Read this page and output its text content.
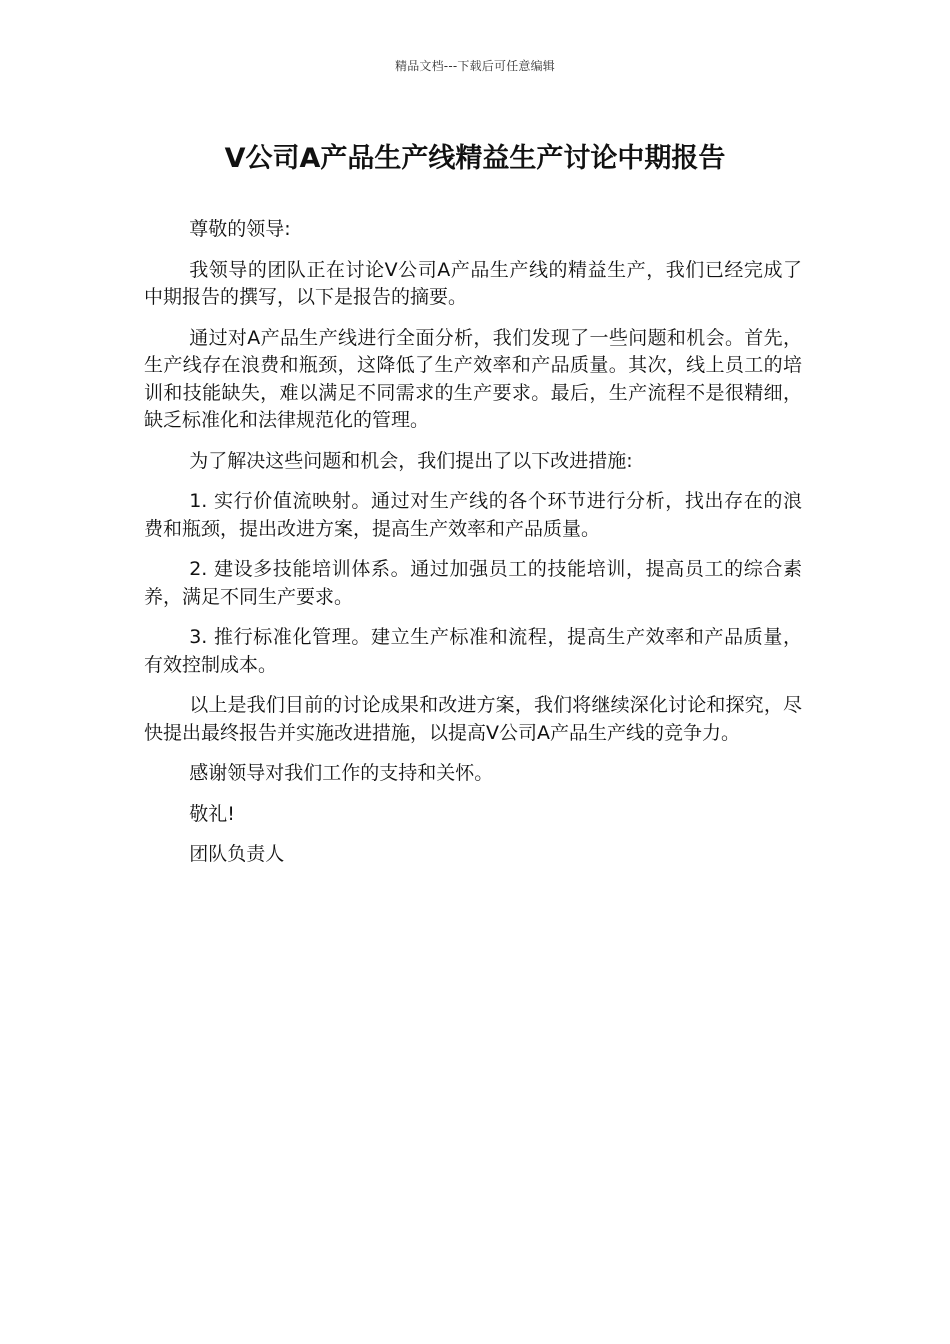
精品文档---下载后可任意编辑
V公司A产品生产线精益生产讨论中期报告

尊敬的领导:

我领导的团队正在讨论V公司A产品生产线的精益生产，我们已经完成了中期报告的撰写，以下是报告的摘要。

通过对A产品生产线进行全面分析，我们发现了一些问题和机会。首先，生产线存在浪费和瓶颈，这降低了生产效率和产品质量。其次，线上员工的培训和技能缺失，难以满足不同需求的生产要求。最后，生产流程不是很精细，缺乏标准化和法律规范化的管理。

为了解决这些问题和机会，我们提出了以下改进措施:

1. 实行价值流映射。通过对生产线的各个环节进行分析，找出存在的浪费和瓶颈，提出改进方案，提高生产效率和产品质量。

2. 建设多技能培训体系。通过加强员工的技能培训，提高员工的综合素养，满足不同生产要求。

3. 推行标准化管理。建立生产标准和流程，提高生产效率和产品质量，有效控制成本。

以上是我们目前的讨论成果和改进方案，我们将继续深化讨论和探究，尽快提出最终报告并实施改进措施，以提高V公司A产品生产线的竞争力。

感谢领导对我们工作的支持和关怀。

敬礼!

团队负责人
